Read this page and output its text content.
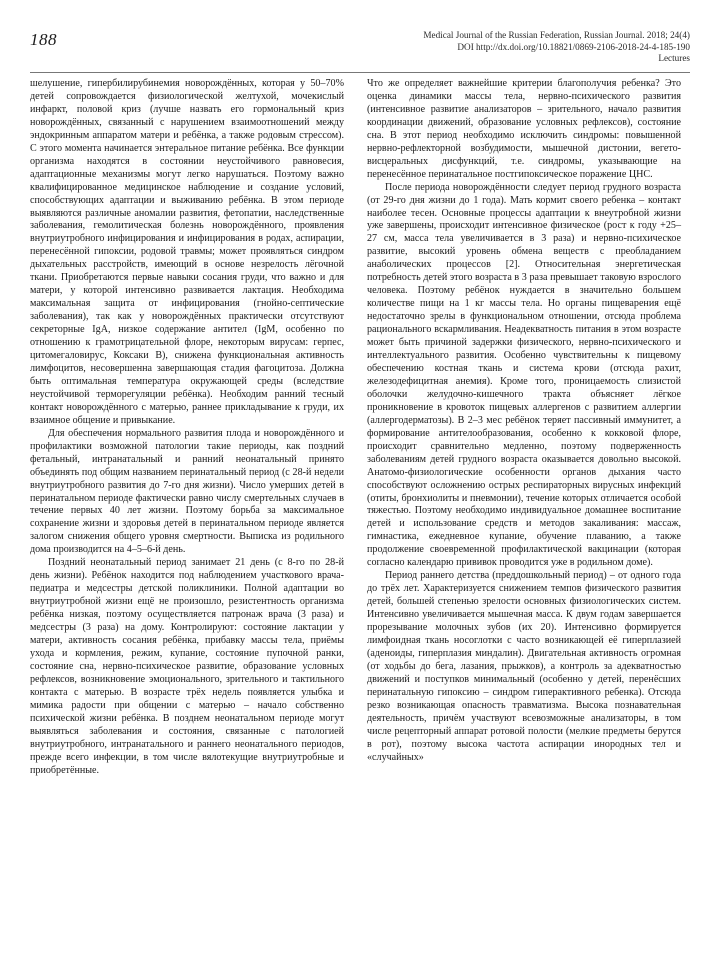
188	Medical Journal of the Russian Federation, Russian Journal. 2018; 24(4)
DOI http://dx.doi.org/10.18821/0869-2106-2018-24-4-185-190
Lectures

шелушение, гипербилирубинемия новорождённых, которая у 50–70% детей сопровождается физиологической желтухой, мочекислый инфаркт, половой криз (лучше назвать его гормональный криз новорождённых, связанный с нарушением взаимоотношений между эндокринным аппаратом матери и ребёнка, а также родовым стрессом). С этого момента начинается энтеральное питание ребёнка. Все функции организма находятся в состоянии неустойчивого равновесия, адаптационные механизмы могут легко нарушаться. Поэтому важно квалифицированное медицинское наблюдение и создание условий, способствующих адаптации и выживанию ребёнка. В этом периоде выявляются различные аномалии развития, фетопатии, наследственные заболевания, гемолитическая болезнь новорождённого, проявления внутриутробного инфицирования и инфицирования в родах, аспирации, перенесённой гипоксии, родовой травмы; может проявляться синдром дыхательных расстройств, имеющий в основе незрелость лёгочной ткани. Приобретаются первые навыки сосания груди, что важно и для матери, у которой интенсивно развивается лактация. Необходима максимальная защита от инфицирования (гнойно-септические заболевания), так как у новорождённых практически отсутствуют секреторные IgA, низкое содержание антител (IgM, особенно по отношению к грамотрицательной флоре, некоторым вирусам: герпес, цитомегаловирус, Коксаки В), снижена функциональная активность лимфоцитов, несовершенна завершающая стадия фагоцитоза. Должна быть оптимальная температура окружающей среды (вследствие неустойчивой терморегуляции ребёнка). Необходим ранний тесный контакт новорождённого с матерью, раннее прикладывание к груди, их взаимное общение и привыкание.

Для обеспечения нормального развития плода и новорождённого и профилактики возможной патологии такие периоды, как поздний фетальный, интранатальный и ранний неонатальный принято объединять под общим названием перинатальный период (с 28-й недели внутриутробного развития до 7-го дня жизни). Число умерших детей в перинатальном периоде фактически равно числу смертельных случаев в течение первых 40 лет жизни. Поэтому борьба за максимальное сохранение жизни и здоровья детей в перинатальном периоде является залогом снижения общего уровня смертности. Выписка из родильного дома производится на 4–5–6-й день.

Поздний неонатальный период занимает 21 день (с 8-го по 28-й день жизни). Ребёнок находится под наблюдением участкового врача-педиатра и медсестры детской поликлиники. Полной адаптации во внутриутробной жизни ещё не произошло, резистентность организма ребёнка низкая, поэтому осуществляется патронаж врача (3 раза) и медсестры (3 раза) на дому. Контролируют: состояние лактации у матери, активность сосания ребёнка, прибавку массы тела, приёмы ухода и кормления, режим, купание, состояние пупочной ранки, состояние сна, нервно-психическое развитие, образование условных рефлексов, возникновение эмоционального, зрительного и тактильного контакта с матерью. В возрасте трёх недель появляется улыбка и мимика радости при общении с матерью – начало собственно психической жизни ребёнка. В позднем неонатальном периоде могут выявляться заболевания и состояния, связанные с патологией внутриутробного, интранатального и раннего неонатального периодов, прежде всего инфекции, в том числе вялотекущие внутриутробные и приобретённые.

Что же определяет важнейшие критерии благополучия ребенка? Это оценка динамики массы тела, нервно-психического развития (интенсивное развитие анализаторов – зрительного, начало развития координации движений, образование условных рефлексов), состояние сна. В этот период необходимо исключить синдромы: повышенной нервно-рефлекторной возбудимости, мышечной дистонии, вегето-висцеральных дисфункций, т.е. синдромы, указывающие на перенесённое перинатальное постгипоксическое поражение ЦНС.

После периода новорождённости следует период грудного возраста (от 29-го дня жизни до 1 года). Мать кормит своего ребенка – контакт наиболее тесен. Основные процессы адаптации к внеутробной жизни уже завершены, происходит интенсивное физическое (рост к году +25–27 см, масса тела увеличивается в 3 раза) и нервно-психическое развитие, высокий уровень обмена веществ с преобладанием анаболических процессов [2]. Относительная энергетическая потребность детей этого возраста в 3 раза превышает таковую взрослого человека. Поэтому ребёнок нуждается в значительно большем количестве пищи на 1 кг массы тела. Но органы пищеварения ещё недостаточно зрелы в функциональном отношении, отсюда проблема рационального вскармливания. Неадекватность питания в этом возрасте может быть причиной задержки физического, нервно-психического и интеллектуального развития. Особенно чувствительны к пищевому обеспечению костная ткань и система крови (отсюда рахит, железодефицитная анемия). Кроме того, проницаемость слизистой оболочки желудочно-кишечного тракта объясняет лёгкое проникновение в кровоток пищевых аллергенов с развитием аллергии (аллергодерматозы). В 2–3 мес ребёнок теряет пассивный иммунитет, а формирование антителообразования, особенно к кокковой флоре, происходит сравнительно медленно, поэтому подверженность заболеваниям детей грудного возраста оказывается довольно высокой. Анатомо-физиологические особенности органов дыхания часто способствуют осложнению острых респираторных вирусных инфекций (отиты, бронхиолиты и пневмонии), течение которых отличается особой тяжестью. Поэтому необходимо индивидуальное домашнее воспитание детей и использование средств и методов закаливания: массаж, гимнастика, ежедневное купание, обучение плаванию, а также продолжение своевременной профилактической вакцинации (которая согласно календарю прививок проводится уже в родильном доме).

Период раннего детства (преддошкольный период) – от одного года до трёх лет. Характеризуется снижением темпов физического развития детей, большей степенью зрелости основных физиологических систем. Интенсивно увеличивается мышечная масса. К двум годам завершается прорезывание молочных зубов (их 20). Интенсивно формируется лимфоидная ткань носоглотки с часто возникающей её гиперплазией (аденоиды, гиперплазия миндалин). Двигательная активность огромная (от ходьбы до бега, лазания, прыжков), а контроль за адекватностью движений и поступков минимальный (особенно у детей, перенёсших перинатальную гипоксию – синдром гиперактивного ребенка). Отсюда резко возникающая опасность травматизма. Высока познавательная деятельность, причём участвуют всевозможные анализаторы, в том числе рецепторный аппарат ротовой полости (мелкие предметы берутся в рот), поэтому высока частота аспирации инородных тел и «случайных»
